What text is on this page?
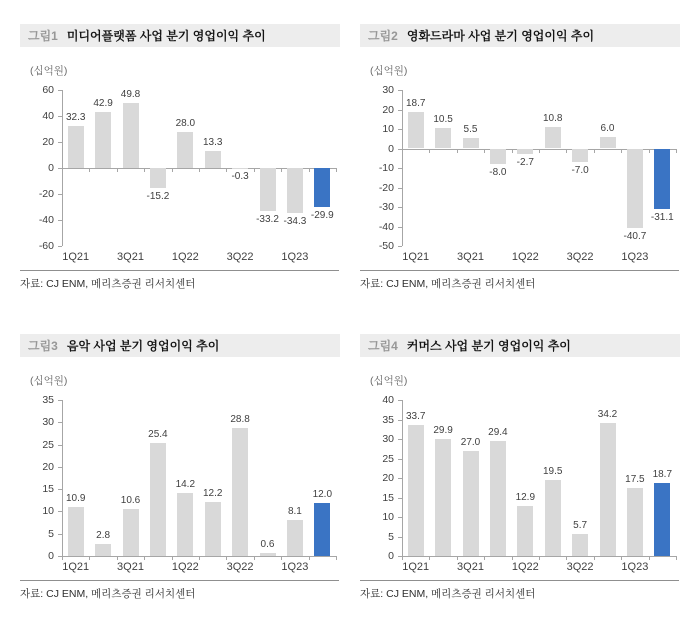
그림1 미디어플랫폼 사업 분기 영업이익 추이
(십억원)
60
40
20
0
-20
-40
-60
32.3
42.9
49.8
-15.2
28.0
13.3
-0.3
-33.2 -34.3
-29.9
1Q21	3Q21	1Q22	3Q22	1Q23
자료: CJ ENM, 메리츠증권 리서치센터
그림2 영화드라마 사업 분기 영업이익 추이
(십억원)
30
20
10
0
-10
-20
-30
-40
-50
18.7
10.5
5.5
-8.0
-2.7
10.8
-7.0
6.0
-40.7
-31.1
1Q21	3Q21	1Q22	3Q22	1Q23
자료: CJ ENM, 메리츠증권 리서치센터
그림3 음악 사업 분기 영업이익 추이
(십억원)
35
30
25
20
15
10
5
0
10.9
2.8
10.6
25.4
14.2
12.2
28.8
0.6
8.1
12.0
1Q21	3Q21	1Q22	3Q22	1Q23
자료: CJ ENM, 메리츠증권 리서치센터
그림4 커머스 사업 분기 영업이익 추이
(십억원)
40
35
30
25
20
15
10
5
0
33.7
29.9
27.0
29.4
12.9
19.5
5.7
34.2
17.5 18.7
1Q21	3Q21	1Q22	3Q22	1Q23
자료: CJ ENM, 메리츠증권 리서치센터
